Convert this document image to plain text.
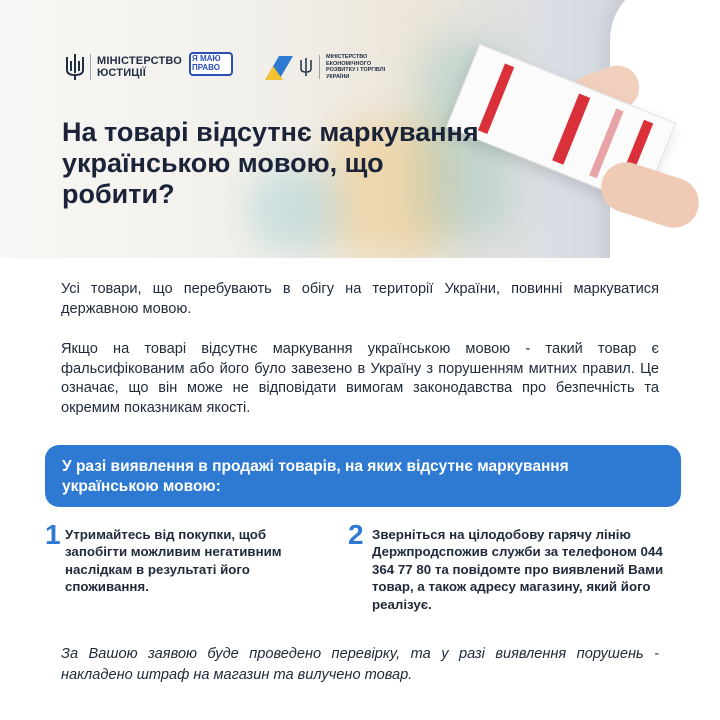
МІНІСТЕРСТВО ЮСТИЦІЇ
Я МАЮ ПРАВО
МІНІСТЕРСТВО ЕКОНОМІЧНОГО РОЗВИТКУ І ТОРГІВЛІ УКРАЇНИ
На товарі відсутнє маркування українською мовою, що робити?

Усі товари, що перебувають в обігу на території України, повинні маркуватися державною мовою.

Якщо на товарі відсутнє маркування українською мовою - такий товар є фальсифікованим або його було завезено в Україну з порушенням митних правил. Це означає, що він може не відповідати вимогам законодавства про безпечність та окремим показникам якості.

У разі виявлення в продажі товарів, на яких відсутнє маркування українською мовою:

1 Утримайтесь від покупки, щоб запобігти можливим негативним наслідкам в результаті його споживання.

2 Зверніться на цілодобову гарячу лінію Держпродспожив служби за телефоном 044 364 77 80 та повідомте про виявлений Вами товар, а також адресу магазину, який його реалізує.

За Вашою заявою буде проведено перевірку, та у разі виявлення порушень - накладено штраф на магазин та вилучено товар.
